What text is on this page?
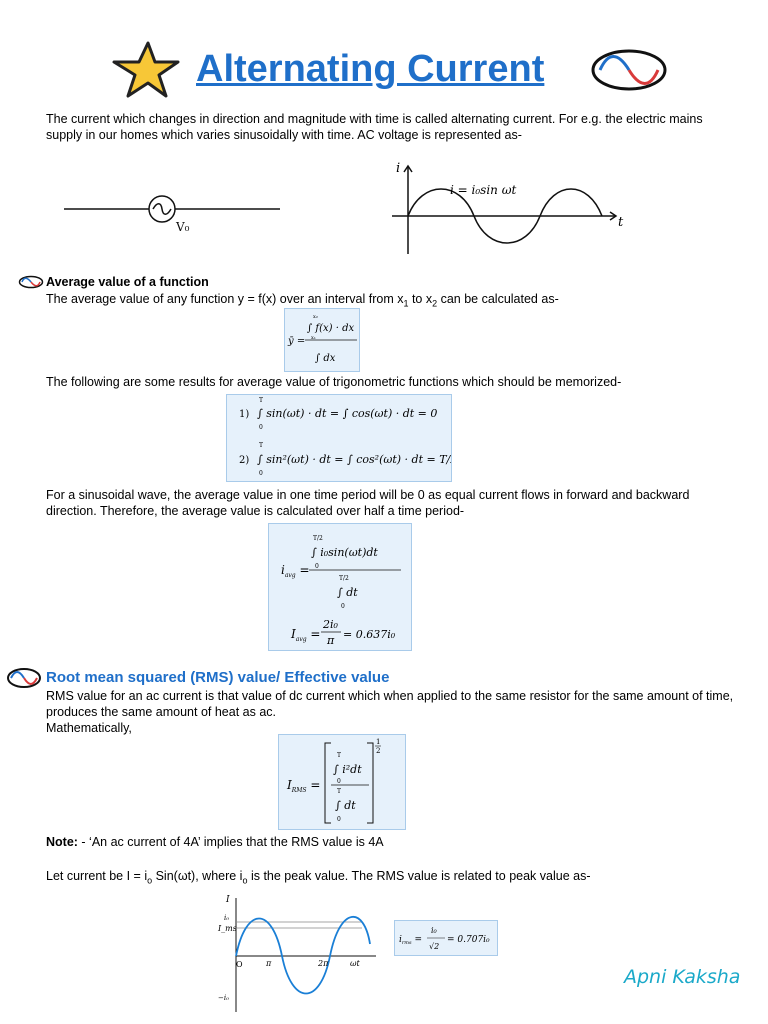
Alternating Current
The current which changes in direction and magnitude with time is called alternating current. For e.g. the electric mains supply in our homes which varies sinusoidally with time. AC voltage is represented as-
V₀
i
t
i = i₀sin ωt
Average value of a function
The average value of any function y = f(x) over an interval from $x_1$ to $x_2$ can be calculated as-
ȳ =
∫ f(x) · dx
∫ dx
x₂
x₁
The following are some results for average value of trigonometric functions which should be memorized-
1) ∫ sin(ωt) · dt = ∫ cos(ωt) · dt = 0
T
0
2) ∫ sin²(ωt) · dt = ∫ cos²(ωt) · dt = T/2
T
0
For a sinusoidal wave, the average value in one time period will be 0 as equal current flows in forward and backward direction. Therefore, the average value is calculated over half a time period-
$i_{avg}$ =
T/2
∫ i₀sin(ωt)dt
0
T/2
∫ dt
0
$I_{avg}$ =
2i₀
π = 0.637i₀
Root mean squared (RMS) value/ Effective value
RMS value for an ac current is that value of dc current which when applied to the same resistor for the same amount of time, produces the same amount of heat as ac.
Mathematically,
$I_{RMS}$ =
T
∫ i²dt
0
T
∫ dt
0
1
2
Note: - ‘An ac current of 4A’ implies that the RMS value is 4A
Let current be $I = i_o$ Sin(ωt), where $i_o$ is the peak value. The RMS value is related to peak value as-
I
i₀
I_ms
O	π	2π	ωt
−i₀
$i_{rms}$ =
i₀
√2
= 0.707i₀
Apni Kaksha
